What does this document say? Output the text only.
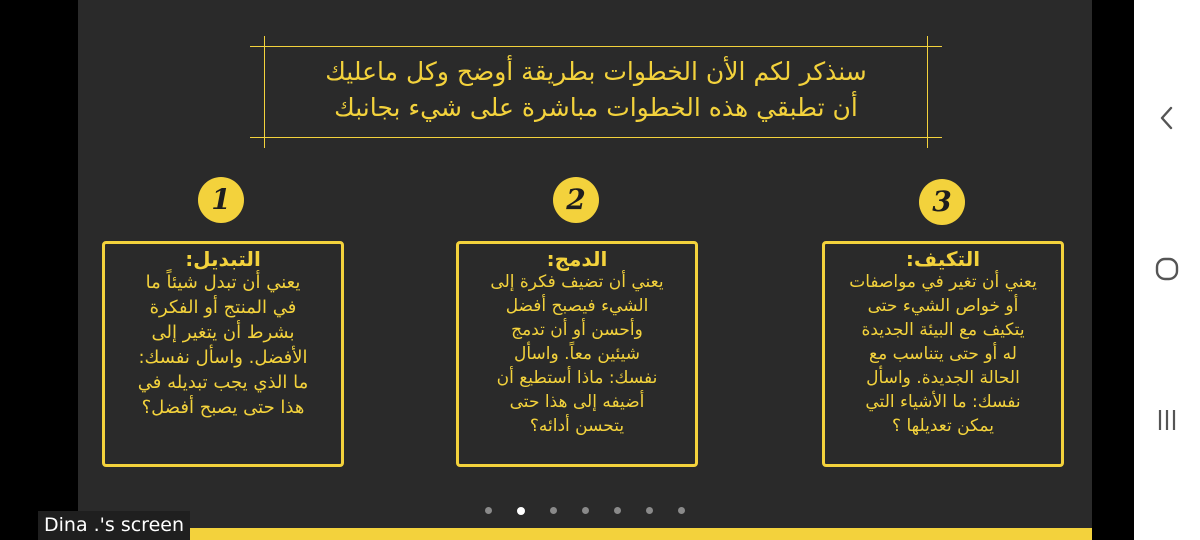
سنذكر لكم الأن الخطوات بطريقة أوضح وكل ماعليك
أن تطبقي هذه الخطوات مباشرة على شيء بجانبك
1	2	3
التبديل:
يعني أن تبدل شيئاً ما
في المنتج أو الفكرة
بشرط أن يتغير إلى
الأفضل. واسأل نفسك:
ما الذي يجب تبديله في
هذا حتى يصبح أفضل؟
الدمج:
يعني أن تضيف فكرة إلى
الشيء فيصبح أفضل
وأحسن أو أن تدمج
شيئين معاً. واسأل
نفسك: ماذا أستطيع أن
أضيفه إلى هذا حتى
يتحسن أدائه؟
التكيف:
يعني أن تغير في مواصفات
أو خواص الشيء حتى
يتكيف مع البيئة الجديدة
له أو حتى يتناسب مع
الحالة الجديدة. واسأل
نفسك: ما الأشياء التي
يمكن تعديلها ؟

Dina .'s screen
